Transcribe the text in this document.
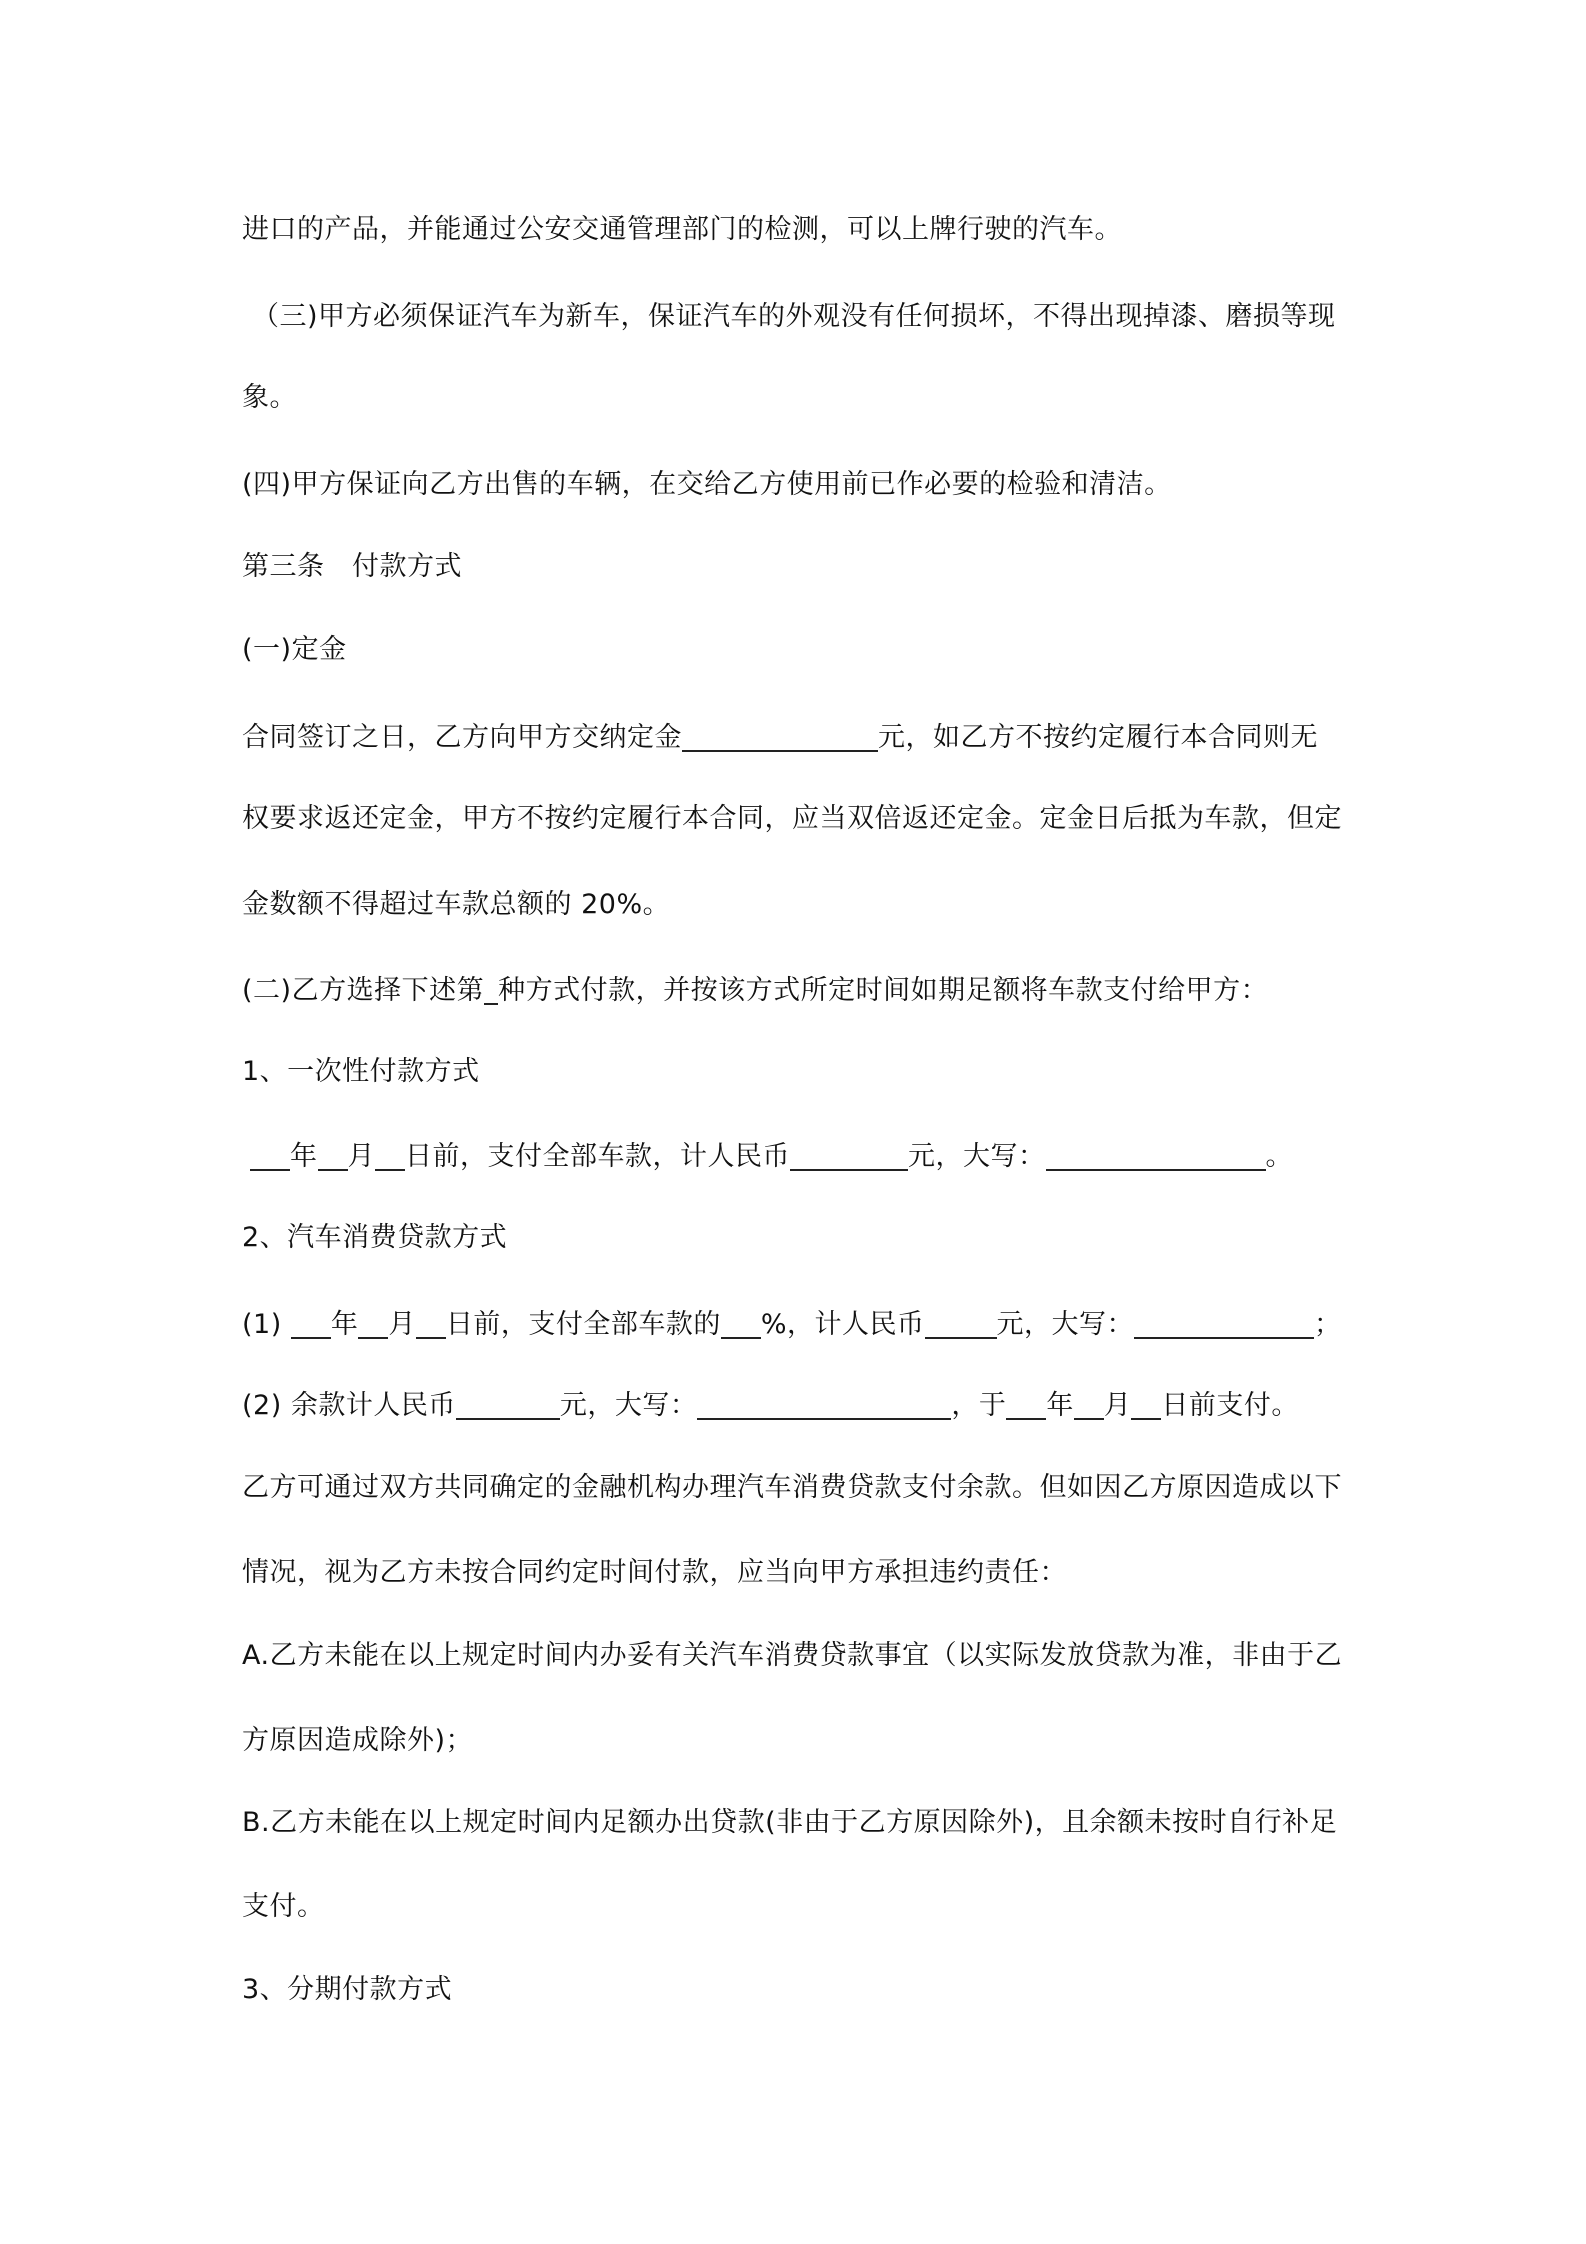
进口的产品，并能通过公安交通管理部门的检测，可以上牌行驶的汽车。
（三)甲方必须保证汽车为新车，保证汽车的外观没有任何损坏，不得出现掉漆、磨损等现
象。
(四)甲方保证向乙方出售的车辆，在交给乙方使用前已作必要的检验和清洁。
第三条　付款方式
(一)定金
合同签订之日，乙方向甲方交纳定金	元，如乙方不按约定履行本合同则无
权要求返还定金，甲方不按约定履行本合同，应当双倍返还定金。定金日后抵为车款，但定
金数额不得超过车款总额的 20%。
(二)乙方选择下述第 种方式付款，并按该方式所定时间如期足额将车款支付给甲方：
1、一次性付款方式
年 月 日前，支付全部车款，计人民币	元，大写：	。
2、汽车消费贷款方式
(1) 年 月 日前，支付全部车款的 %，计人民币	元，大写：	；
(2) 余款计人民币	元，大写：	，于 年 月 日前支付。
乙方可通过双方共同确定的金融机构办理汽车消费贷款支付余款。但如因乙方原因造成以下
情况，视为乙方未按合同约定时间付款，应当向甲方承担违约责任：
A.乙方未能在以上规定时间内办妥有关汽车消费贷款事宜（以实际发放贷款为准，非由于乙
方原因造成除外)；
B.乙方未能在以上规定时间内足额办出贷款(非由于乙方原因除外)，且余额未按时自行补足
支付。
3、分期付款方式
